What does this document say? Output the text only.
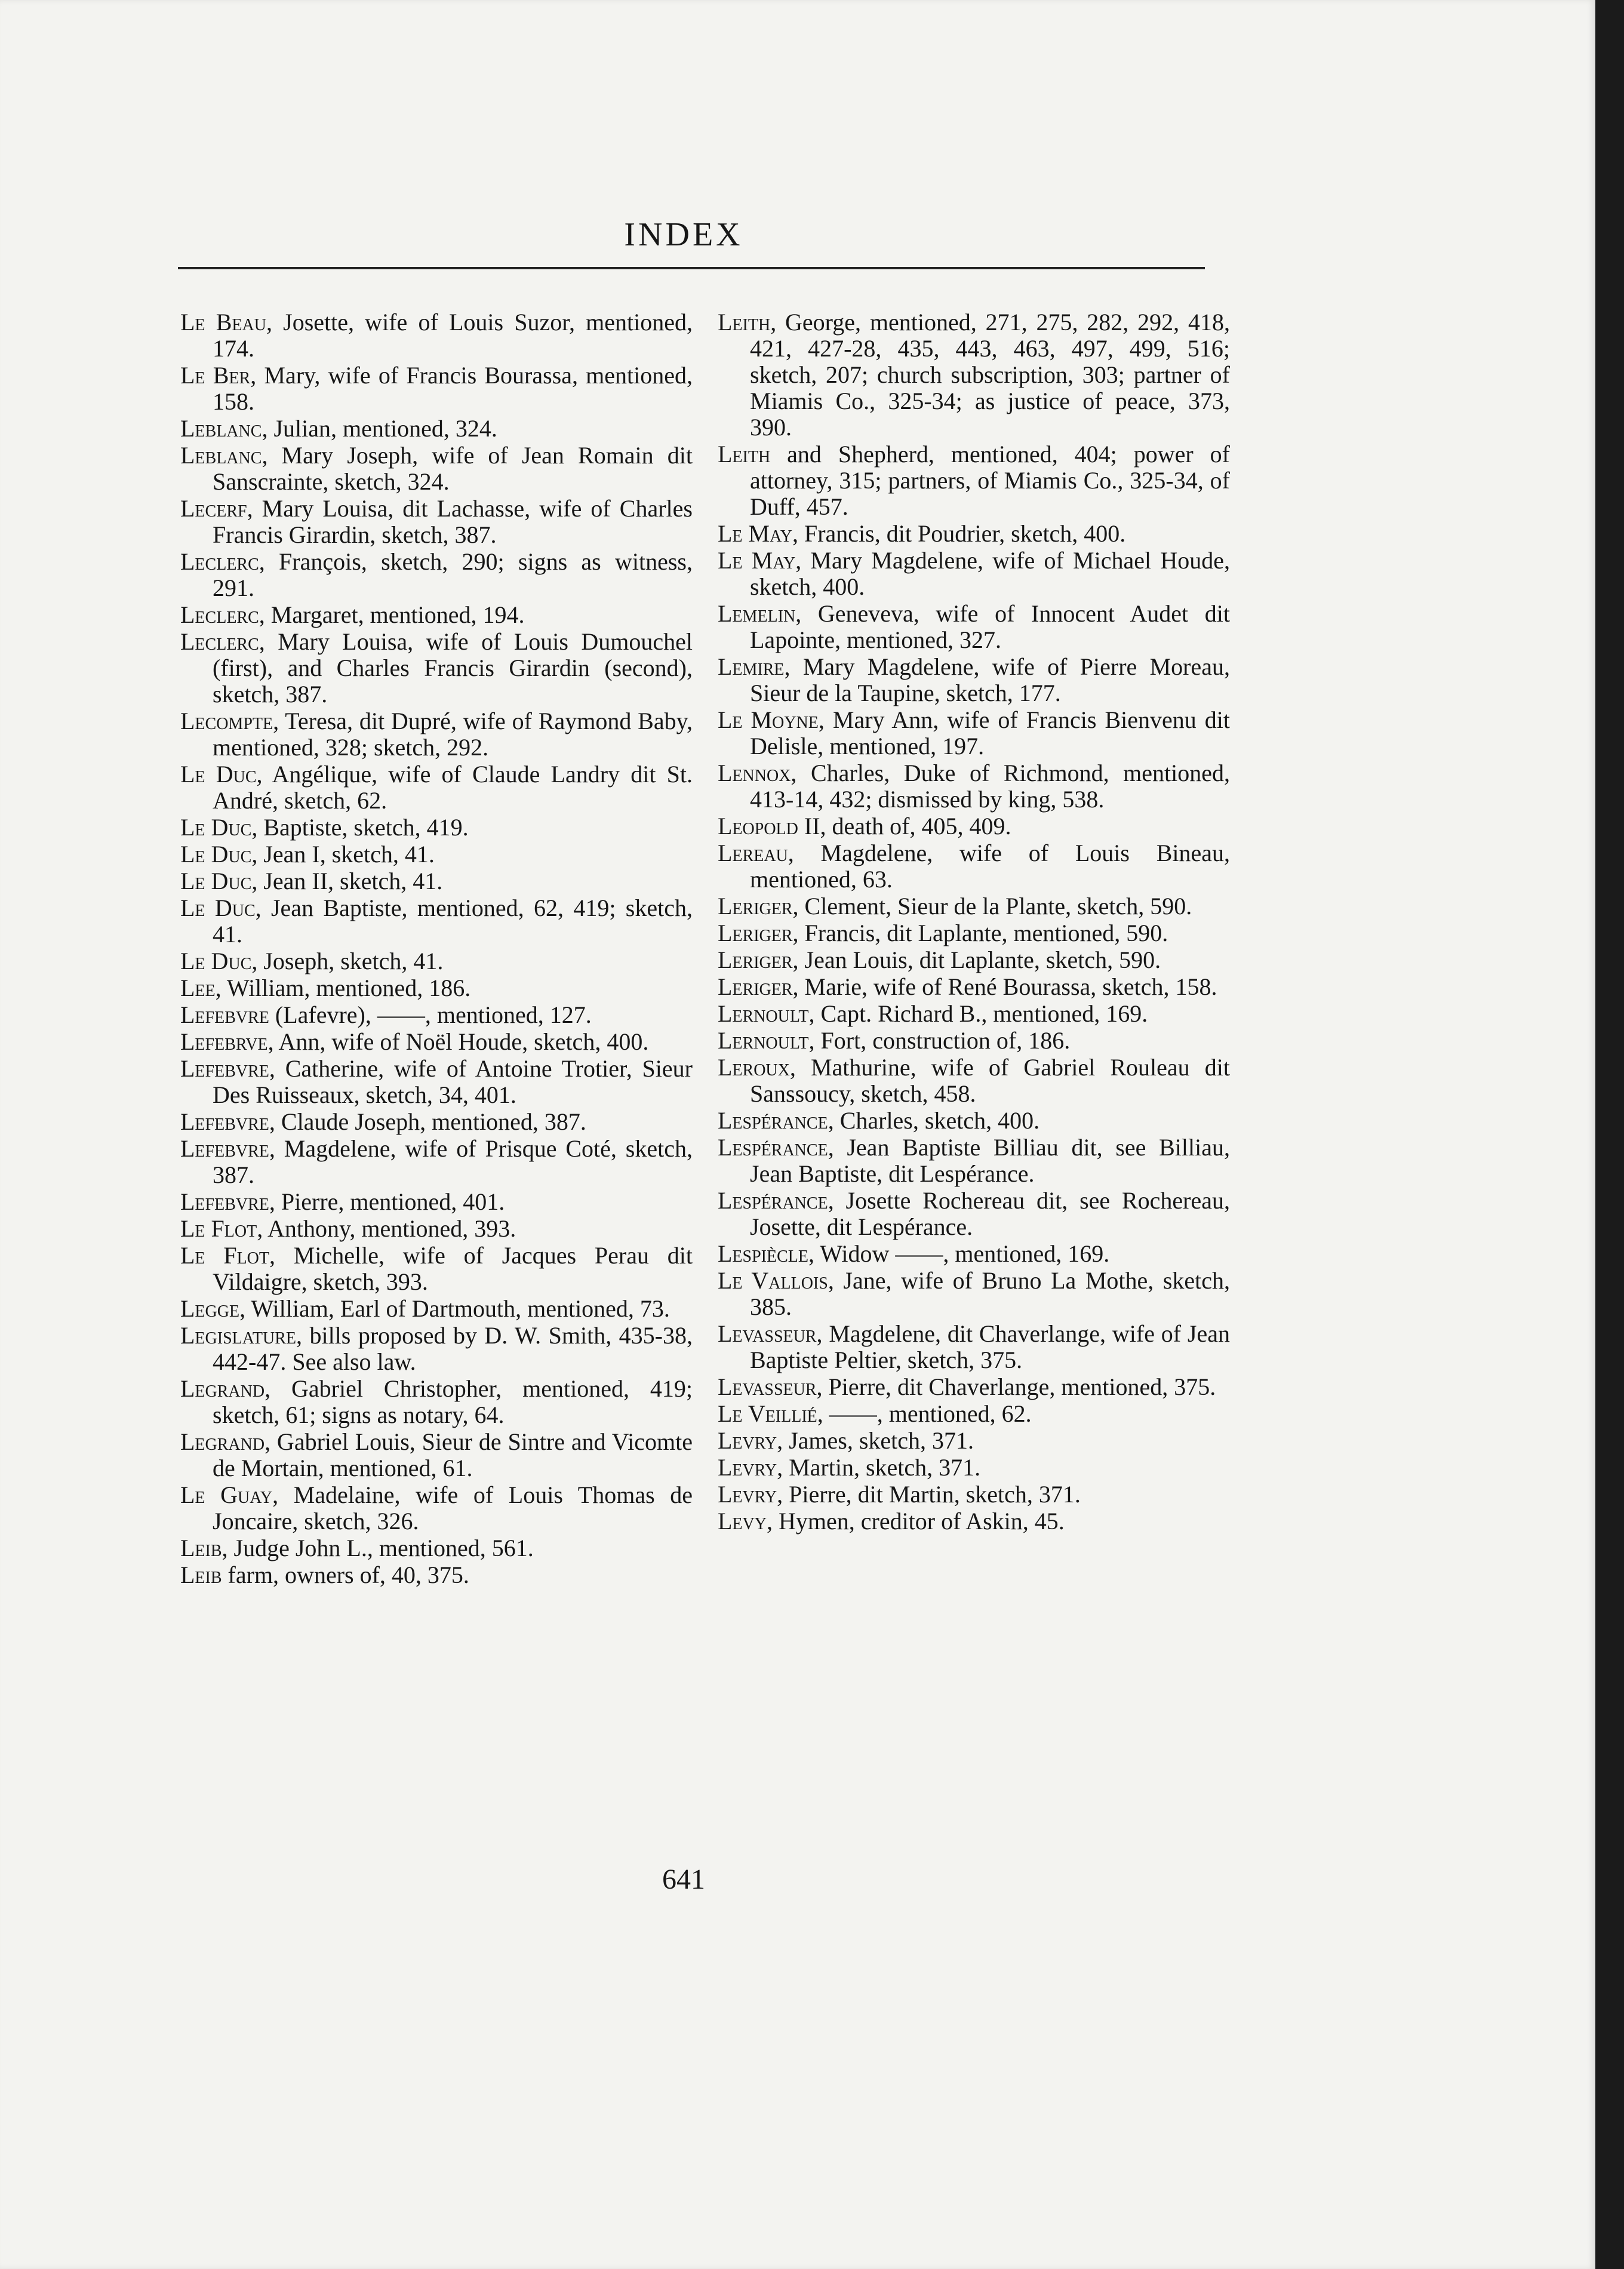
INDEX

Le Beau, Josette, wife of Louis Suzor, mentioned, 174.

Le Ber, Mary, wife of Francis Bourassa, mentioned, 158.

Leblanc, Julian, mentioned, 324.

Leblanc, Mary Joseph, wife of Jean Romain dit Sanscrainte, sketch, 324.

Lecerf, Mary Louisa, dit Lachasse, wife of Charles Francis Girardin, sketch, 387.

Leclerc, François, sketch, 290; signs as witness, 291.

Leclerc, Margaret, mentioned, 194.

Leclerc, Mary Louisa, wife of Louis Dumouchel (first), and Charles Francis Girardin (second), sketch, 387.

Lecompte, Teresa, dit Dupré, wife of Raymond Baby, mentioned, 328; sketch, 292.

Le Duc, Angélique, wife of Claude Landry dit St. André, sketch, 62.

Le Duc, Baptiste, sketch, 419.

Le Duc, Jean I, sketch, 41.

Le Duc, Jean II, sketch, 41.

Le Duc, Jean Baptiste, mentioned, 62, 419; sketch, 41.

Le Duc, Joseph, sketch, 41.

Lee, William, mentioned, 186.

Lefebvre (Lafevre), ——, mentioned, 127.

Lefebrve, Ann, wife of Noël Houde, sketch, 400.

Lefebvre, Catherine, wife of Antoine Trotier, Sieur Des Ruisseaux, sketch, 34, 401.

Lefebvre, Claude Joseph, mentioned, 387.

Lefebvre, Magdelene, wife of Prisque Coté, sketch, 387.

Lefebvre, Pierre, mentioned, 401.

Le Flot, Anthony, mentioned, 393.

Le Flot, Michelle, wife of Jacques Perau dit Vildaigre, sketch, 393.

Legge, William, Earl of Dartmouth, mentioned, 73.

Legislature, bills proposed by D. W. Smith, 435-38, 442-47. See also law.

Legrand, Gabriel Christopher, mentioned, 419; sketch, 61; signs as notary, 64.

Legrand, Gabriel Louis, Sieur de Sintre and Vicomte de Mortain, mentioned, 61.

Le Guay, Madelaine, wife of Louis Thomas de Joncaire, sketch, 326.

Leib, Judge John L., mentioned, 561.

Leib farm, owners of, 40, 375.

Leith, George, mentioned, 271, 275, 282, 292, 418, 421, 427-28, 435, 443, 463, 497, 499, 516; sketch, 207; church subscription, 303; partner of Miamis Co., 325-34; as justice of peace, 373, 390.

Leith and Shepherd, mentioned, 404; power of attorney, 315; partners, of Miamis Co., 325-34, of Duff, 457.

Le May, Francis, dit Poudrier, sketch, 400.

Le May, Mary Magdelene, wife of Michael Houde, sketch, 400.

Lemelin, Geneveva, wife of Innocent Audet dit Lapointe, mentioned, 327.

Lemire, Mary Magdelene, wife of Pierre Moreau, Sieur de la Taupine, sketch, 177.

Le Moyne, Mary Ann, wife of Francis Bienvenu dit Delisle, mentioned, 197.

Lennox, Charles, Duke of Richmond, mentioned, 413-14, 432; dismissed by king, 538.

Leopold II, death of, 405, 409.

Lereau, Magdelene, wife of Louis Bineau, mentioned, 63.

Leriger, Clement, Sieur de la Plante, sketch, 590.

Leriger, Francis, dit Laplante, mentioned, 590.

Leriger, Jean Louis, dit Laplante, sketch, 590.

Leriger, Marie, wife of René Bourassa, sketch, 158.

Lernoult, Capt. Richard B., mentioned, 169.

Lernoult, Fort, construction of, 186.

Leroux, Mathurine, wife of Gabriel Rouleau dit Sanssoucy, sketch, 458.

Lespérance, Charles, sketch, 400.

Lespérance, Jean Baptiste Billiau dit, see Billiau, Jean Baptiste, dit Lespérance.

Lespérance, Josette Rochereau dit, see Rochereau, Josette, dit Lespérance.

Lespiècle, Widow ——, mentioned, 169.

Le Vallois, Jane, wife of Bruno La Mothe, sketch, 385.

Levasseur, Magdelene, dit Chaverlange, wife of Jean Baptiste Peltier, sketch, 375.

Levasseur, Pierre, dit Chaverlange, mentioned, 375.

Le Veillié, ——, mentioned, 62.

Levry, James, sketch, 371.

Levry, Martin, sketch, 371.

Levry, Pierre, dit Martin, sketch, 371.

Levy, Hymen, creditor of Askin, 45.

641
